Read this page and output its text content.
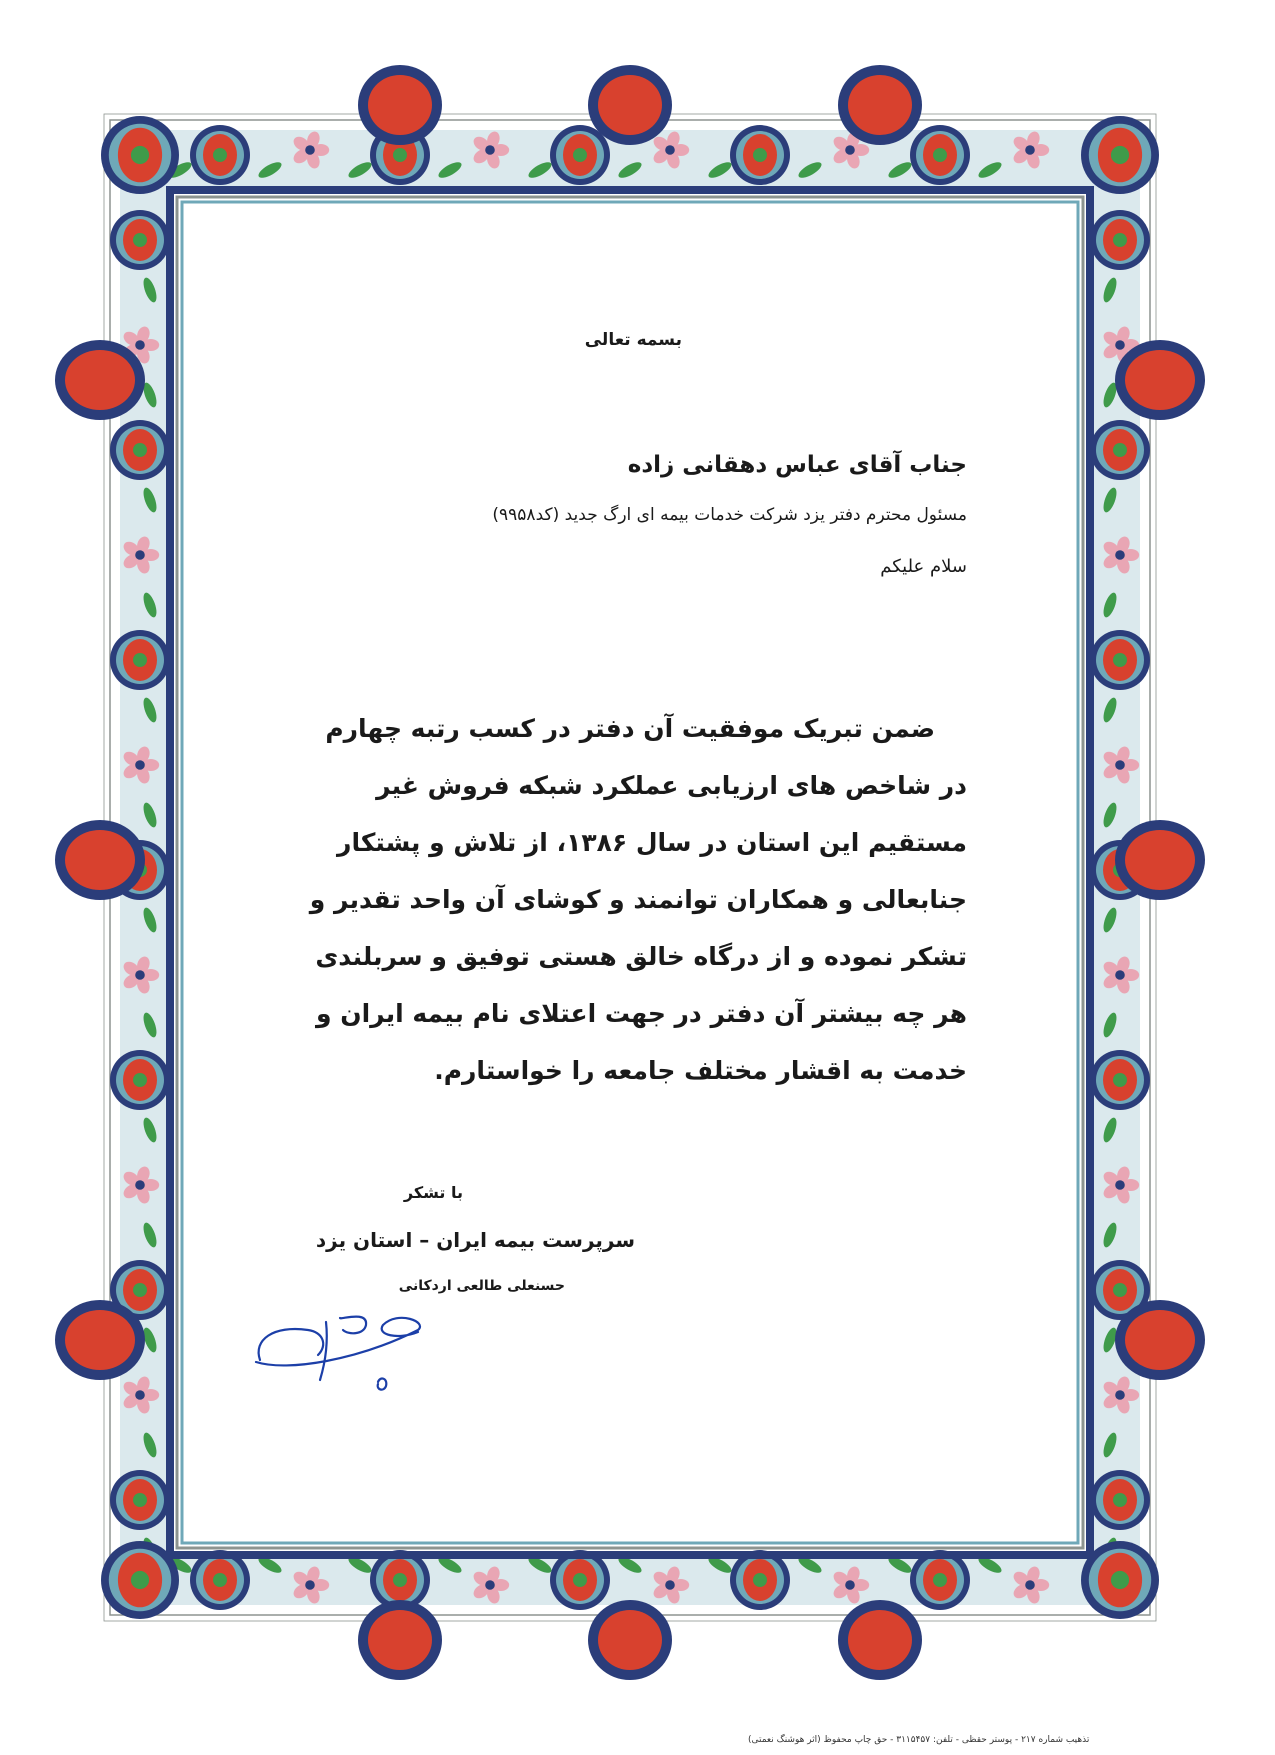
بسمه تعالی
جناب آقای عباس دهقانی زاده
مسئول محترم دفتر یزد شرکت خدمات بیمه ای ارگ جدید (کد۹۹۵۸)
سلام علیکم
ضمن تبریک موفقیت آن دفتر در کسب رتبه چهارم
در شاخص های ارزیابی عملکرد شبکه فروش غیر
مستقیم این استان در سال ۱۳۸۶، از تلاش و پشتکار
جنابعالی و همکاران توانمند و کوشای آن واحد تقدیر و
تشکر نموده و از درگاه خالق هستی توفیق و سربلندی
هر چه بیشتر آن دفتر در جهت اعتلای نام بیمه ایران و
خدمت به اقشار مختلف جامعه را خواستارم.
با تشکر
سرپرست بیمه ایران – استان یزد
حسنعلی طالعی اردکانی
تذهیب شماره ۲۱۷ - پوستر حقظی - تلفن: ۳۱۱۵۴۵۷ - حق چاپ محفوظ (اثر هوشنگ نعمتی)
